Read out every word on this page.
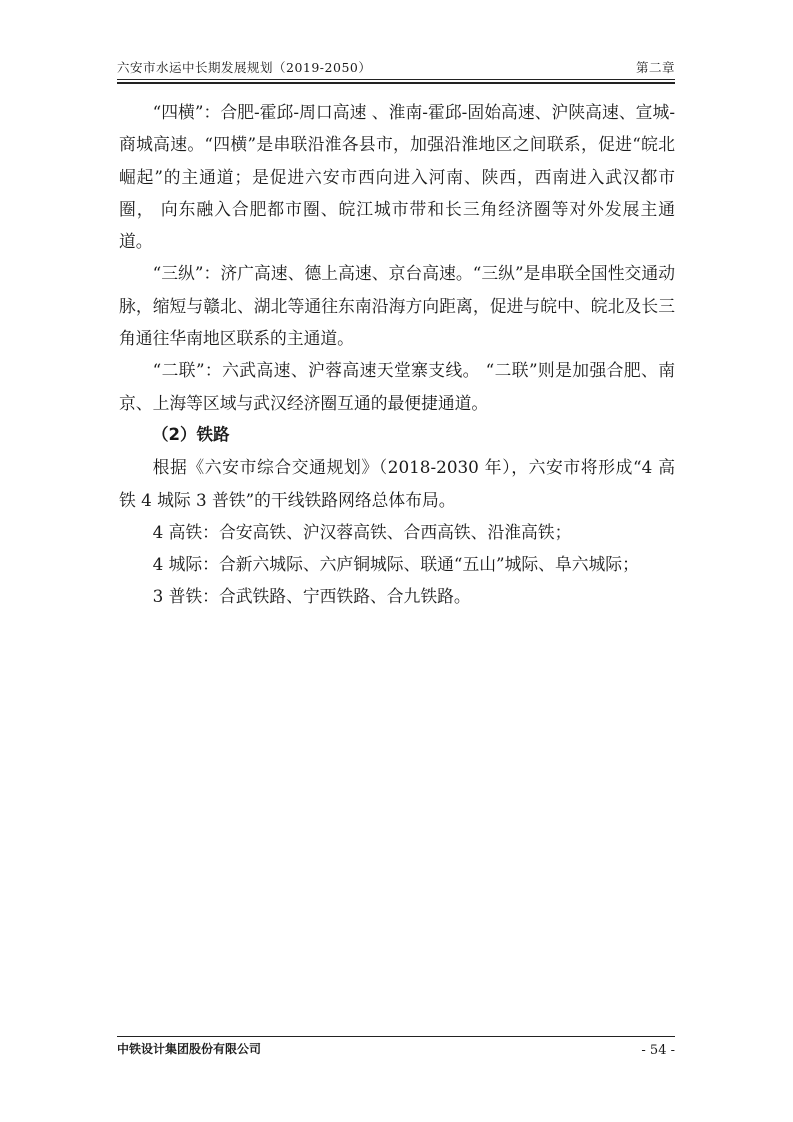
六安市水运中长期发展规划（2019-2050）	第二章

“四横”：合肥-霍邱-周口高速 、淮南-霍邱-固始高速、沪陕高速、宣城-商城高速。“四横”是串联沿淮各县市，加强沿淮地区之间联系，促进“皖北崛起”的主通道；是促进六安市西向进入河南、陕西，西南进入武汉都市圈， 向东融入合肥都市圈、皖江城市带和长三角经济圈等对外发展主通道。

“三纵”：济广高速、德上高速、京台高速。“三纵”是串联全国性交通动脉，缩短与赣北、湖北等通往东南沿海方向距离，促进与皖中、皖北及长三角通往华南地区联系的主通道。

“二联”：六武高速、沪蓉高速天堂寨支线。 “二联”则是加强合肥、南京、上海等区域与武汉经济圈互通的最便捷通道。

（2）铁路

根据《六安市综合交通规划》（2018-2030 年），六安市将形成“4 高铁 4 城际 3 普铁”的干线铁路网络总体布局。

4 高铁：合安高铁、沪汉蓉高铁、合西高铁、沿淮高铁；

4 城际：合新六城际、六庐铜城际、联通“五山”城际、阜六城际；

3 普铁：合武铁路、宁西铁路、合九铁路。

中铁设计集团股份有限公司	- 54 -
